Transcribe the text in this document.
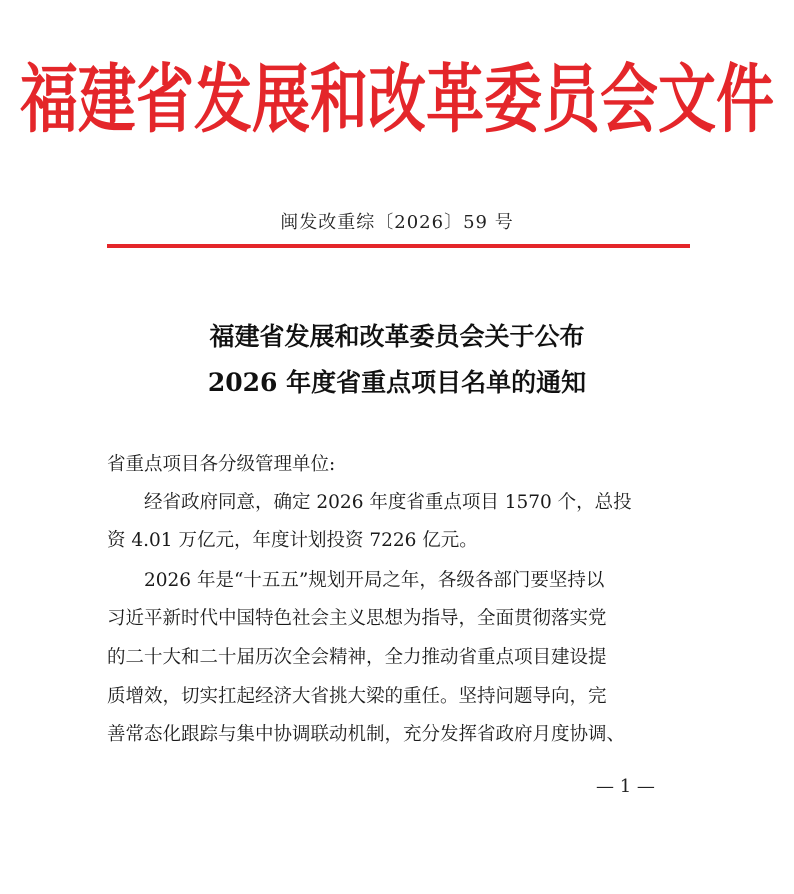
福建省发展和改革委员会文件
闽发改重综〔2026〕59 号
福建省发展和改革委员会关于公布
2026 年度省重点项目名单的通知
省重点项目各分级管理单位:
　　经省政府同意，确定 2026 年度省重点项目 1570 个，总投
资 4.01 万亿元，年度计划投资 7226 亿元。
　　2026 年是“十五五”规划开局之年，各级各部门要坚持以
习近平新时代中国特色社会主义思想为指导，全面贯彻落实党
的二十大和二十届历次全会精神，全力推动省重点项目建设提
质增效，切实扛起经济大省挑大梁的重任。坚持问题导向，完
善常态化跟踪与集中协调联动机制，充分发挥省政府月度协调、
— 1 —
